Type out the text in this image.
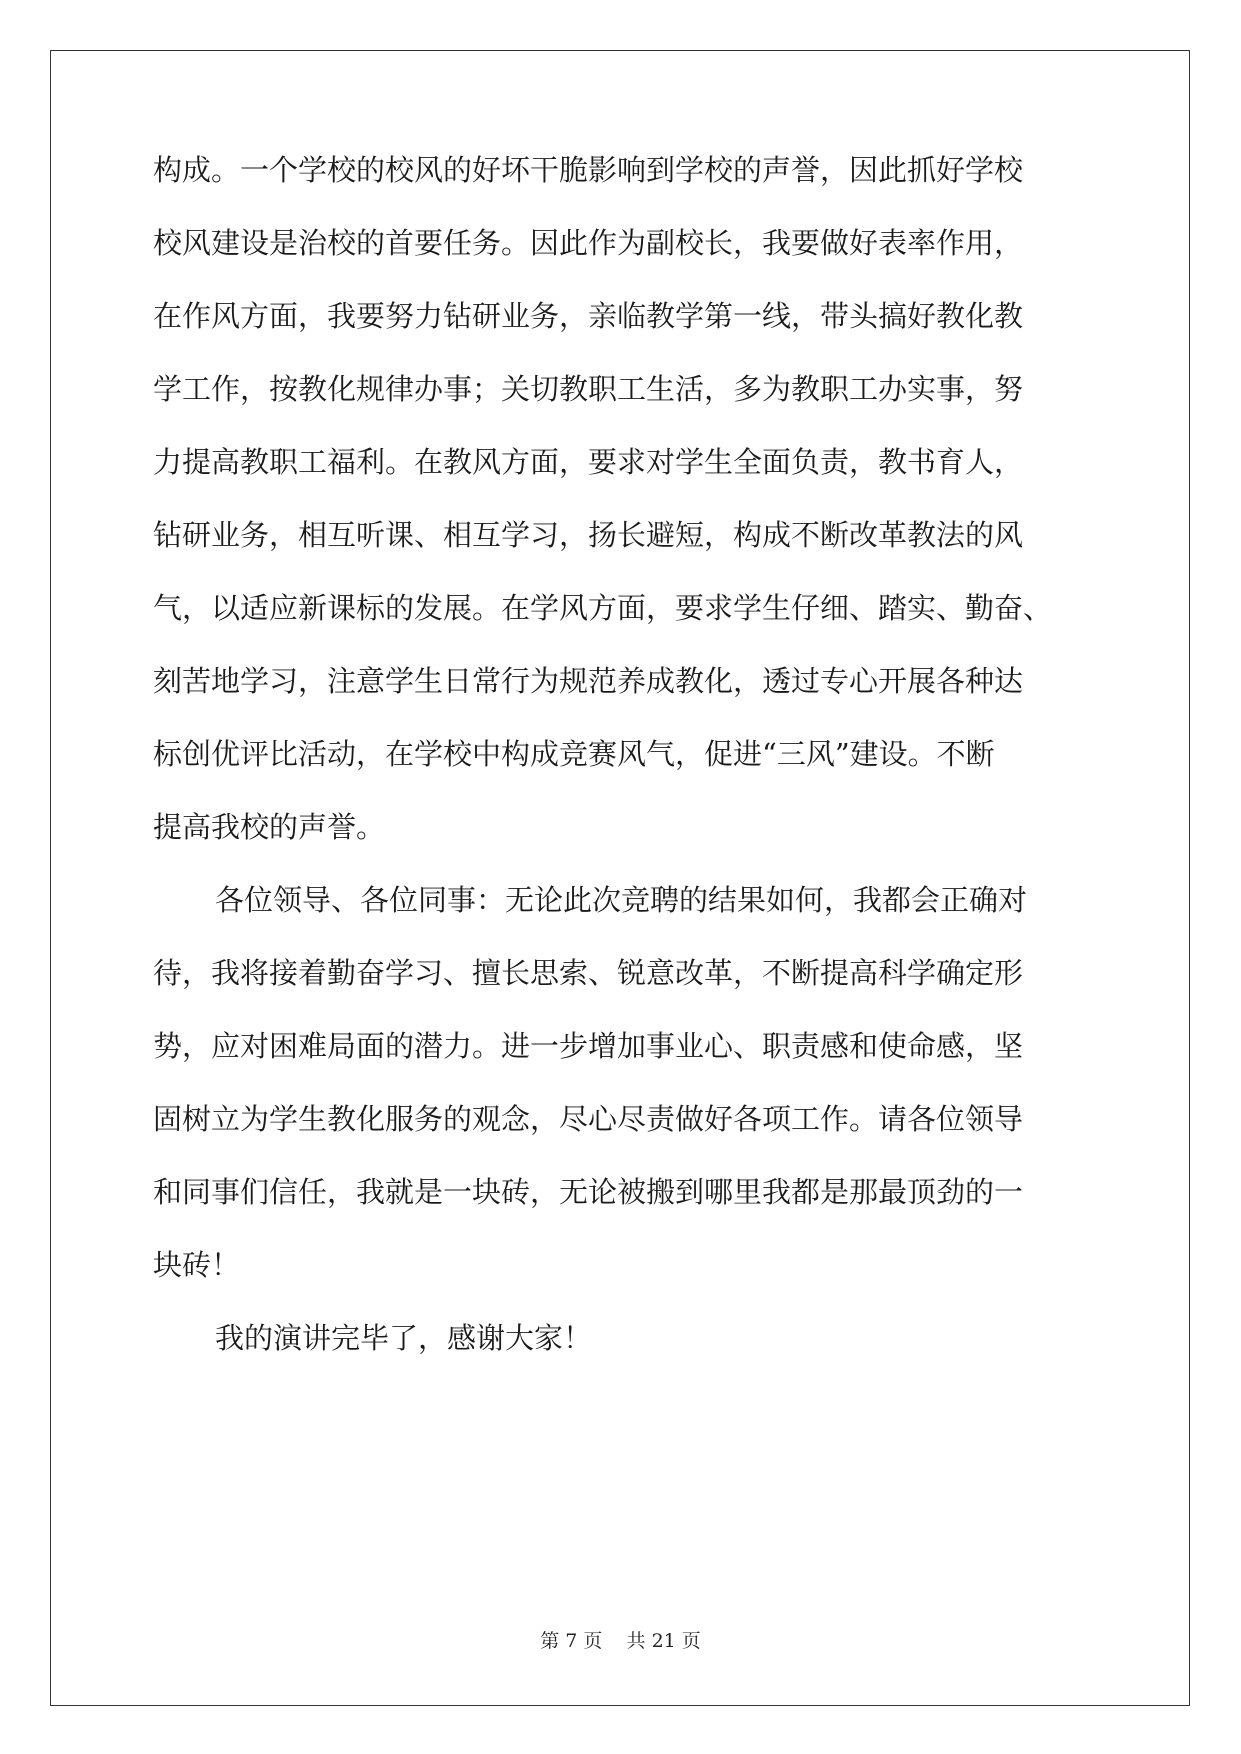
构成。一个学校的校风的好坏干脆影响到学校的声誉，因此抓好学校

校风建设是治校的首要任务。因此作为副校长，我要做好表率作用，

在作风方面，我要努力钻研业务，亲临教学第一线，带头搞好教化教

学工作，按教化规律办事；关切教职工生活，多为教职工办实事，努

力提高教职工福利。在教风方面，要求对学生全面负责，教书育人，

钻研业务，相互听课、相互学习，扬长避短，构成不断改革教法的风

气，以适应新课标的发展。在学风方面，要求学生仔细、踏实、勤奋、

刻苦地学习，注意学生日常行为规范养成教化，透过专心开展各种达

标创优评比活动，在学校中构成竞赛风气，促进“三风”建设。不断

提高我校的声誉。

各位领导、各位同事：无论此次竞聘的结果如何，我都会正确对

待，我将接着勤奋学习、擅长思索、锐意改革，不断提高科学确定形

势，应对困难局面的潜力。进一步增加事业心、职责感和使命感，坚

固树立为学生教化服务的观念，尽心尽责做好各项工作。请各位领导

和同事们信任，我就是一块砖，无论被搬到哪里我都是那最顶劲的一

块砖！

我的演讲完毕了，感谢大家！

第 7 页    共 21 页
